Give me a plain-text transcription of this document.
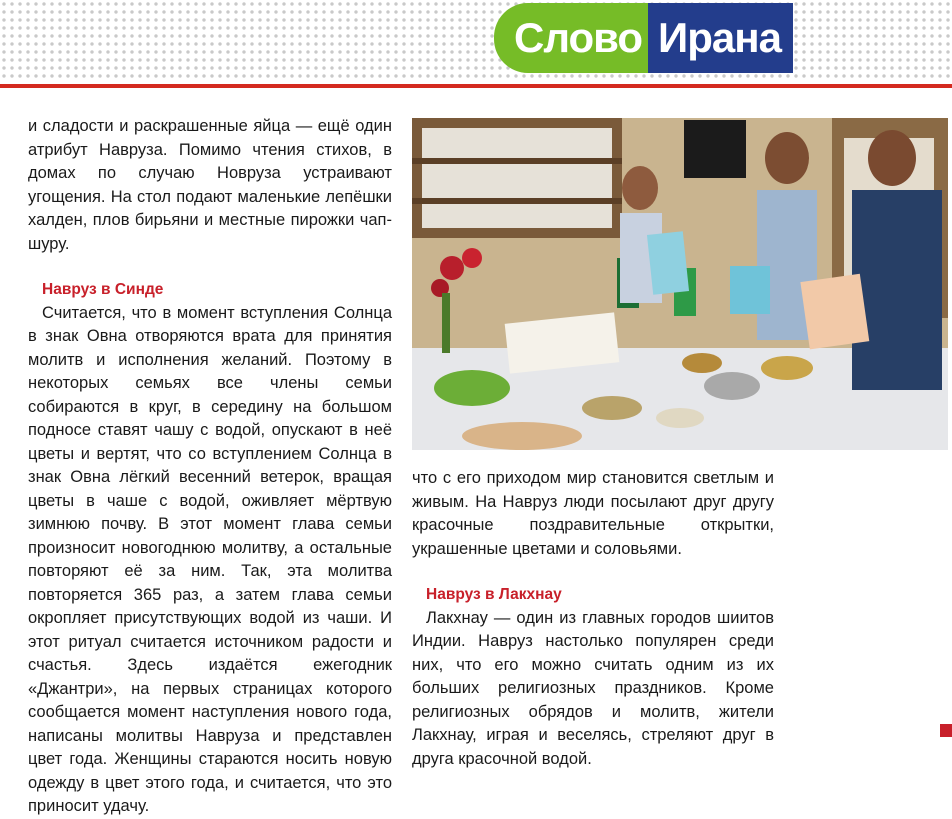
Слово Ирана

и сладости и раскрашенные яйца — ещё один атрибут Навруза. Помимо чтения стихов, в домах по случаю Новруза устраивают угощения. На стол подают маленькие лепёшки халден, плов бирьяни и местные пирожки чап-шуру.

Навруз в Синде

Считается, что в момент вступления Солнца в знак Овна отворяются врата для принятия молитв и исполнения желаний. Поэтому в некоторых семьях все члены семьи собираются в круг, в середину на большом подносе ставят чашу с водой, опускают в неё цветы и вертят, что со вступлением Солнца в знак Овна лёгкий весенний ветерок, вращая цветы в чаше с водой, оживляет мёртвую зимнюю почву. В этот момент глава семьи произносит новогоднюю молитву, а остальные повторяют её за ним. Так, эта молитва повторяется 365 раз, а затем глава семьи окропляет присутствующих водой из чаши. И этот ритуал считается источником радости и счастья. Здесь издаётся ежегодник «Джантри», на первых страницах которого сообщается момент наступления нового года, написаны молитвы Навруза и представлен цвет года. Женщины стараются носить новую одежду в цвет этого года, и считается, что это приносит удачу.

что с его приходом мир становится светлым и живым. На Навруз люди посылают друг другу красочные поздравительные открытки, украшенные цветами и соловьями.

Навруз в Лакхнау

Лакхнау — один из главных городов шиитов Индии. Навруз настолько популярен среди них, что его можно считать одним из их больших религиозных праздников. Кроме религиозных обрядов и молитв, жители Лакхнау, играя и веселясь, стреляют друг в друга красочной водой.
